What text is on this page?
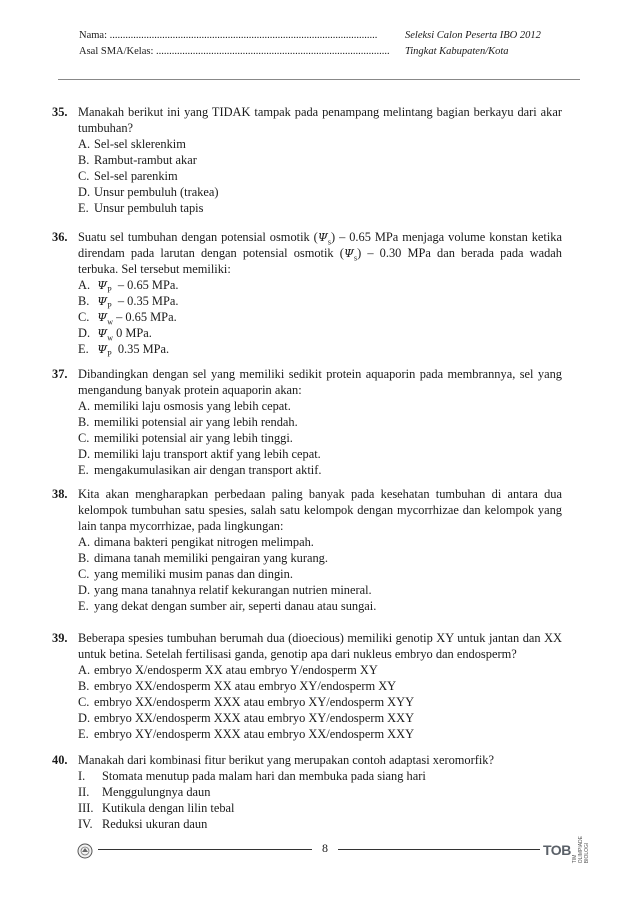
Nama: ......................................................................................................
Asal SMA/Kelas: .........................................................................................
Seleksi Calon Peserta IBO 2012
Tingkat Kabupaten/Kota
35. Manakah berikut ini yang TIDAK tampak pada penampang melintang bagian berkayu dari akar tumbuhan?
A. Sel-sel sklerenkim
B. Rambut-rambut akar
C. Sel-sel parenkim
D. Unsur pembuluh (trakea)
E. Unsur pembuluh tapis
36. Suatu sel tumbuhan dengan potensial osmotik $(\Psi_s) - 0.65$ MPa menjaga volume konstan ketika direndam pada larutan dengan potensial osmotik $(\Psi_s) - 0.30$ MPa dan berada pada wadah terbuka. Sel tersebut memiliki:
A. $\Psi_P - 0.65$ MPa.
B. $\Psi_P - 0.35$ MPa.
C. $\Psi_w - 0.65$ MPa.
D. $\Psi_w$ 0 MPa.
E. $\Psi_P$ 0.35 MPa.
37. Dibandingkan dengan sel yang memiliki sedikit protein aquaporin pada membrannya, sel yang mengandung banyak protein aquaporin akan:
A. memiliki laju osmosis yang lebih cepat.
B. memiliki potensial air yang lebih rendah.
C. memiliki potensial air yang lebih tinggi.
D. memiliki laju transport aktif yang lebih cepat.
E. mengakumulasikan air dengan transport aktif.
38. Kita akan mengharapkan perbedaan paling banyak pada kesehatan tumbuhan di antara dua kelompok tumbuhan satu spesies, salah satu kelompok dengan mycorrhizae dan kelompok yang lain tanpa mycorrhizae, pada lingkungan:
A. dimana bakteri pengikat nitrogen melimpah.
B. dimana tanah memiliki pengairan yang kurang.
C. yang memiliki musim panas dan dingin.
D. yang mana tanahnya relatif kekurangan nutrien mineral.
E. yang dekat dengan sumber air, seperti danau atau sungai.
39. Beberapa spesies tumbuhan berumah dua (dioecious) memiliki genotip XY untuk jantan dan XX untuk betina. Setelah fertilisasi ganda, genotip apa dari nukleus embryo dan endosperm?
A. embryo X/endosperm XX atau embryo Y/endosperm XY
B. embryo XX/endosperm XX atau embryo XY/endosperm XY
C. embryo XX/endosperm XXX atau embryo XY/endosperm XYY
D. embryo XX/endosperm XXX atau embryo XY/endosperm XXY
E. embryo XY/endosperm XXX atau embryo XX/endosperm XXY
40. Manakah dari kombinasi fitur berikut yang merupakan contoh adaptasi xeromorfik?
I.	Stomata menutup pada malam hari dan membuka pada siang hari
II.	Menggulungnya daun
III. Kutikula dengan lilin tebal
IV. Reduksi ukuran daun
8	TOB
TIM OLIMPIADE BIOLOGI
